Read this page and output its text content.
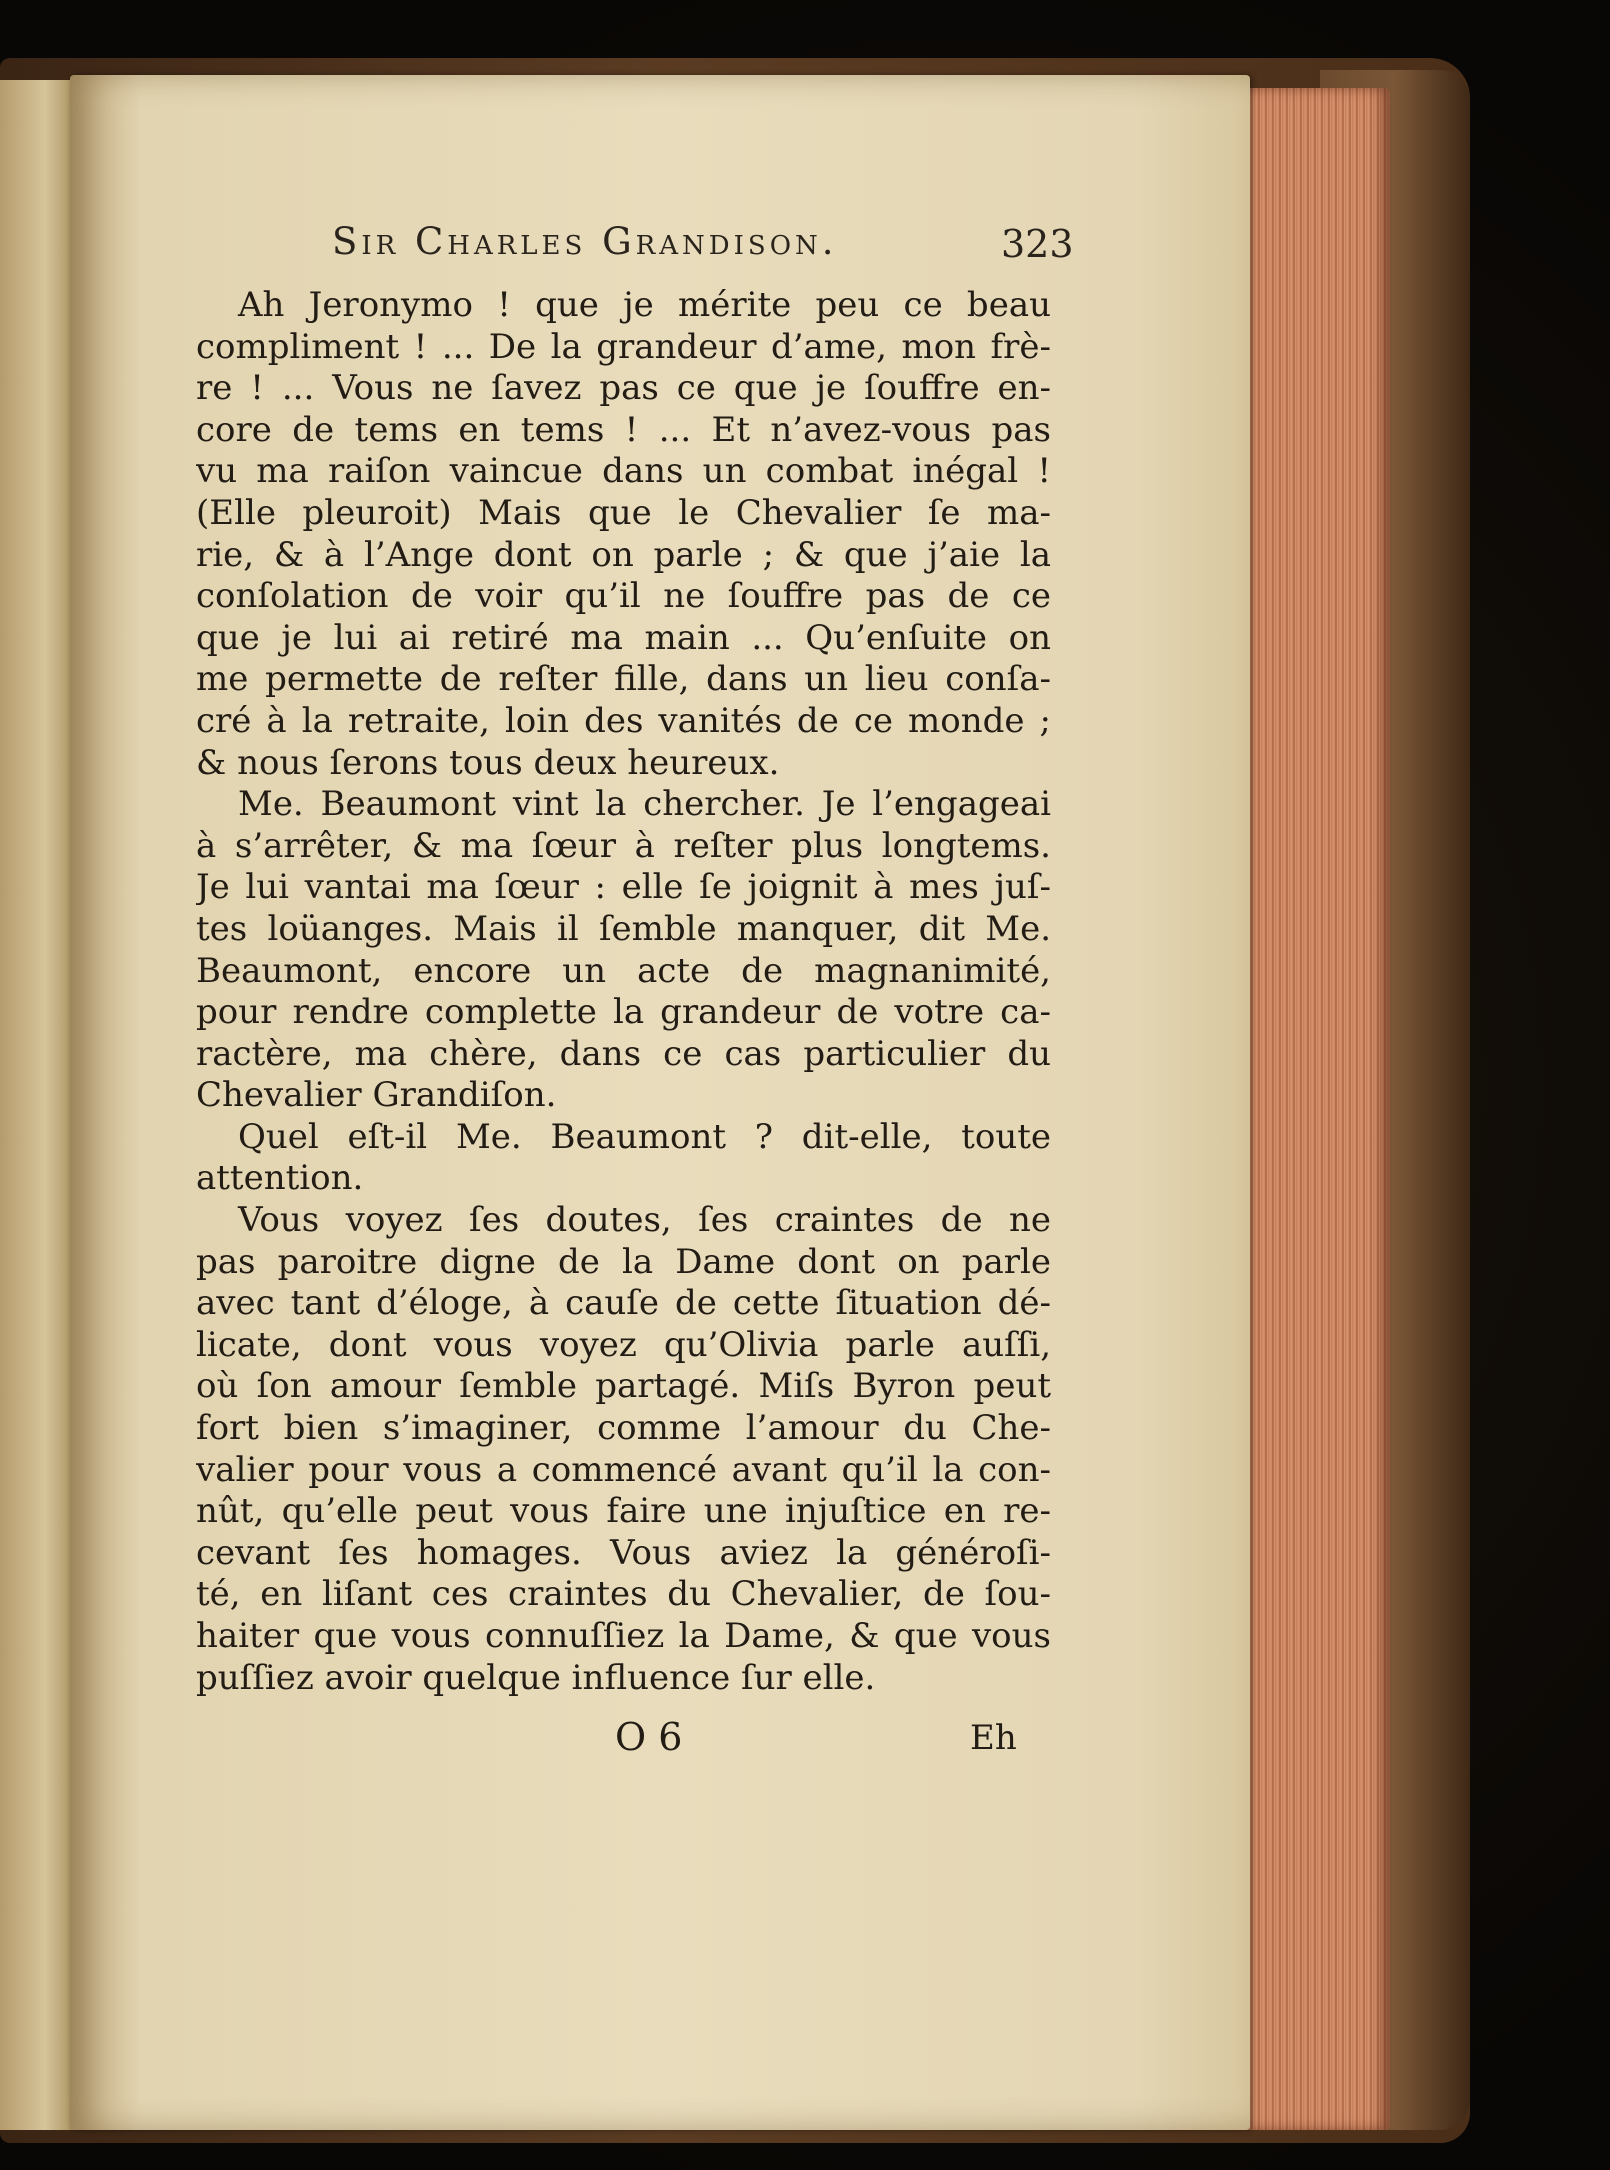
Sir Charles Grandison.	323
Ah Jeronymo ! que je mérite peu ce beau
compliment ! ... De la grandeur d’ame, mon frè-
re ! ... Vous ne ſavez pas ce que je ſouffre en-
core de tems en tems ! ... Et n’avez-vous pas
vu ma raiſon vaincue dans un combat inégal !
(Elle pleuroit) Mais que le Chevalier ſe ma-
rie, & à l’Ange dont on parle ; & que j’aie la
conſolation de voir qu’il ne ſouffre pas de ce
que je lui ai retiré ma main ... Qu’enſuite on
me permette de reſter fille, dans un lieu conſa-
cré à la retraite, loin des vanités de ce monde ;
& nous ſerons tous deux heureux.
Me. Beaumont vint la chercher. Je l’engageai
à s’arrêter, & ma ſœur à reſter plus longtems.
Je lui vantai ma ſœur : elle ſe joignit à mes juſ-
tes loüanges. Mais il ſemble manquer, dit Me.
Beaumont, encore un acte de magnanimité,
pour rendre complette la grandeur de votre ca-
ractère, ma chère, dans ce cas particulier du
Chevalier Grandiſon.
Quel eſt-il Me. Beaumont ? dit-elle, toute
attention.
Vous voyez ſes doutes, ſes craintes de ne
pas paroitre digne de la Dame dont on parle
avec tant d’éloge, à cauſe de cette ſituation dé-
licate, dont vous voyez qu’Olivia parle auſſi,
où ſon amour ſemble partagé. Miſs Byron peut
fort bien s’imaginer, comme l’amour du Che-
valier pour vous a commencé avant qu’il la con-
nût, qu’elle peut vous faire une injuſtice en re-
cevant ſes homages. Vous aviez la généroſi-
té, en liſant ces craintes du Chevalier, de ſou-
haiter que vous connuſſiez la Dame, & que vous
puſſiez avoir quelque influence ſur elle.
O 6	Eh
